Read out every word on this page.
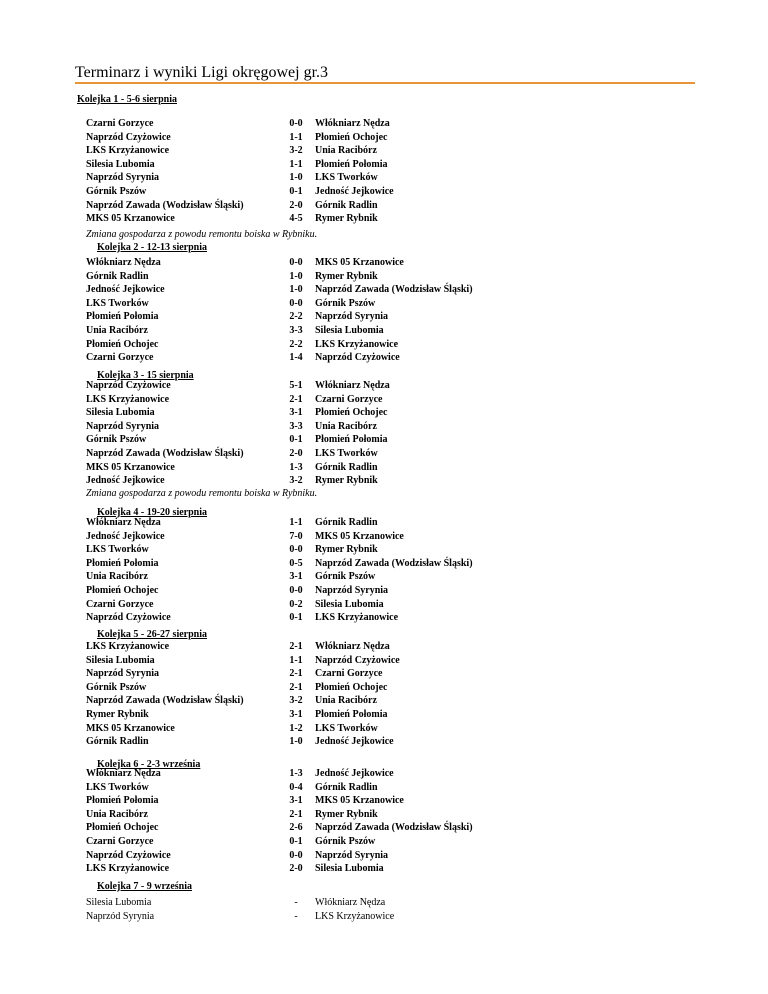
Terminarz i wyniki Ligi okręgowej gr.3
Kolejka 1 - 5-6 sierpnia
Czarni Gorzyce	0-0	Włókniarz Nędza
Naprzód Czyżowice	1-1	Płomień Ochojec
LKS Krzyżanowice	3-2	Unia Racibórz
Silesia Lubomia	1-1	Płomień Połomia
Naprzód Syrynia	1-0	LKS Tworków
Górnik Pszów	0-1	Jedność Jejkowice
Naprzód Zawada (Wodzisław Śląski)	2-0	Górnik Radlin
MKS 05 Krzanowice	4-5	Rymer Rybnik
Zmiana gospodarza z powodu remontu boiska w Rybniku.
Kolejka 2 - 12-13 sierpnia
Włókniarz Nędza	0-0	MKS 05 Krzanowice
Górnik Radlin	1-0	Rymer Rybnik
Jedność Jejkowice	1-0	Naprzód Zawada (Wodzisław Śląski)
LKS Tworków	0-0	Górnik Pszów
Płomień Połomia	2-2	Naprzód Syrynia
Unia Racibórz	3-3	Silesia Lubomia
Płomień Ochojec	2-2	LKS Krzyżanowice
Czarni Gorzyce	1-4	Naprzód Czyżowice
Kolejka 3 - 15 sierpnia
Naprzód Czyżowice	5-1	Włókniarz Nędza
LKS Krzyżanowice	2-1	Czarni Gorzyce
Silesia Lubomia	3-1	Płomień Ochojec
Naprzód Syrynia	3-3	Unia Racibórz
Górnik Pszów	0-1	Płomień Połomia
Naprzód Zawada (Wodzisław Śląski)	2-0	LKS Tworków
MKS 05 Krzanowice	1-3	Górnik Radlin
Jedność Jejkowice	3-2	Rymer Rybnik
Zmiana gospodarza z powodu remontu boiska w Rybniku.
Kolejka 4 - 19-20 sierpnia
Włókniarz Nędza	1-1	Górnik Radlin
Jedność Jejkowice	7-0	MKS 05 Krzanowice
LKS Tworków	0-0	Rymer Rybnik
Płomień Połomia	0-5	Naprzód Zawada (Wodzisław Śląski)
Unia Racibórz	3-1	Górnik Pszów
Płomień Ochojec	0-0	Naprzód Syrynia
Czarni Gorzyce	0-2	Silesia Lubomia
Naprzód Czyżowice	0-1	LKS Krzyżanowice
Kolejka 5 - 26-27 sierpnia
LKS Krzyżanowice	2-1	Włókniarz Nędza
Silesia Lubomia	1-1	Naprzód Czyżowice
Naprzód Syrynia	2-1	Czarni Gorzyce
Górnik Pszów	2-1	Płomień Ochojec
Naprzód Zawada (Wodzisław Śląski)	3-2	Unia Racibórz
Rymer Rybnik	3-1	Płomień Połomia
MKS 05 Krzanowice	1-2	LKS Tworków
Górnik Radlin	1-0	Jedność Jejkowice
Kolejka 6 - 2-3 września
Włókniarz Nędza	1-3	Jedność Jejkowice
LKS Tworków	0-4	Górnik Radlin
Płomień Połomia	3-1	MKS 05 Krzanowice
Unia Racibórz	2-1	Rymer Rybnik
Płomień Ochojec	2-6	Naprzód Zawada (Wodzisław Śląski)
Czarni Gorzyce	0-1	Górnik Pszów
Naprzód Czyżowice	0-0	Naprzód Syrynia
LKS Krzyżanowice	2-0	Silesia Lubomia
Kolejka 7 - 9 września
Silesia Lubomia	-	Włókniarz Nędza
Naprzód Syrynia	-	LKS Krzyżanowice
